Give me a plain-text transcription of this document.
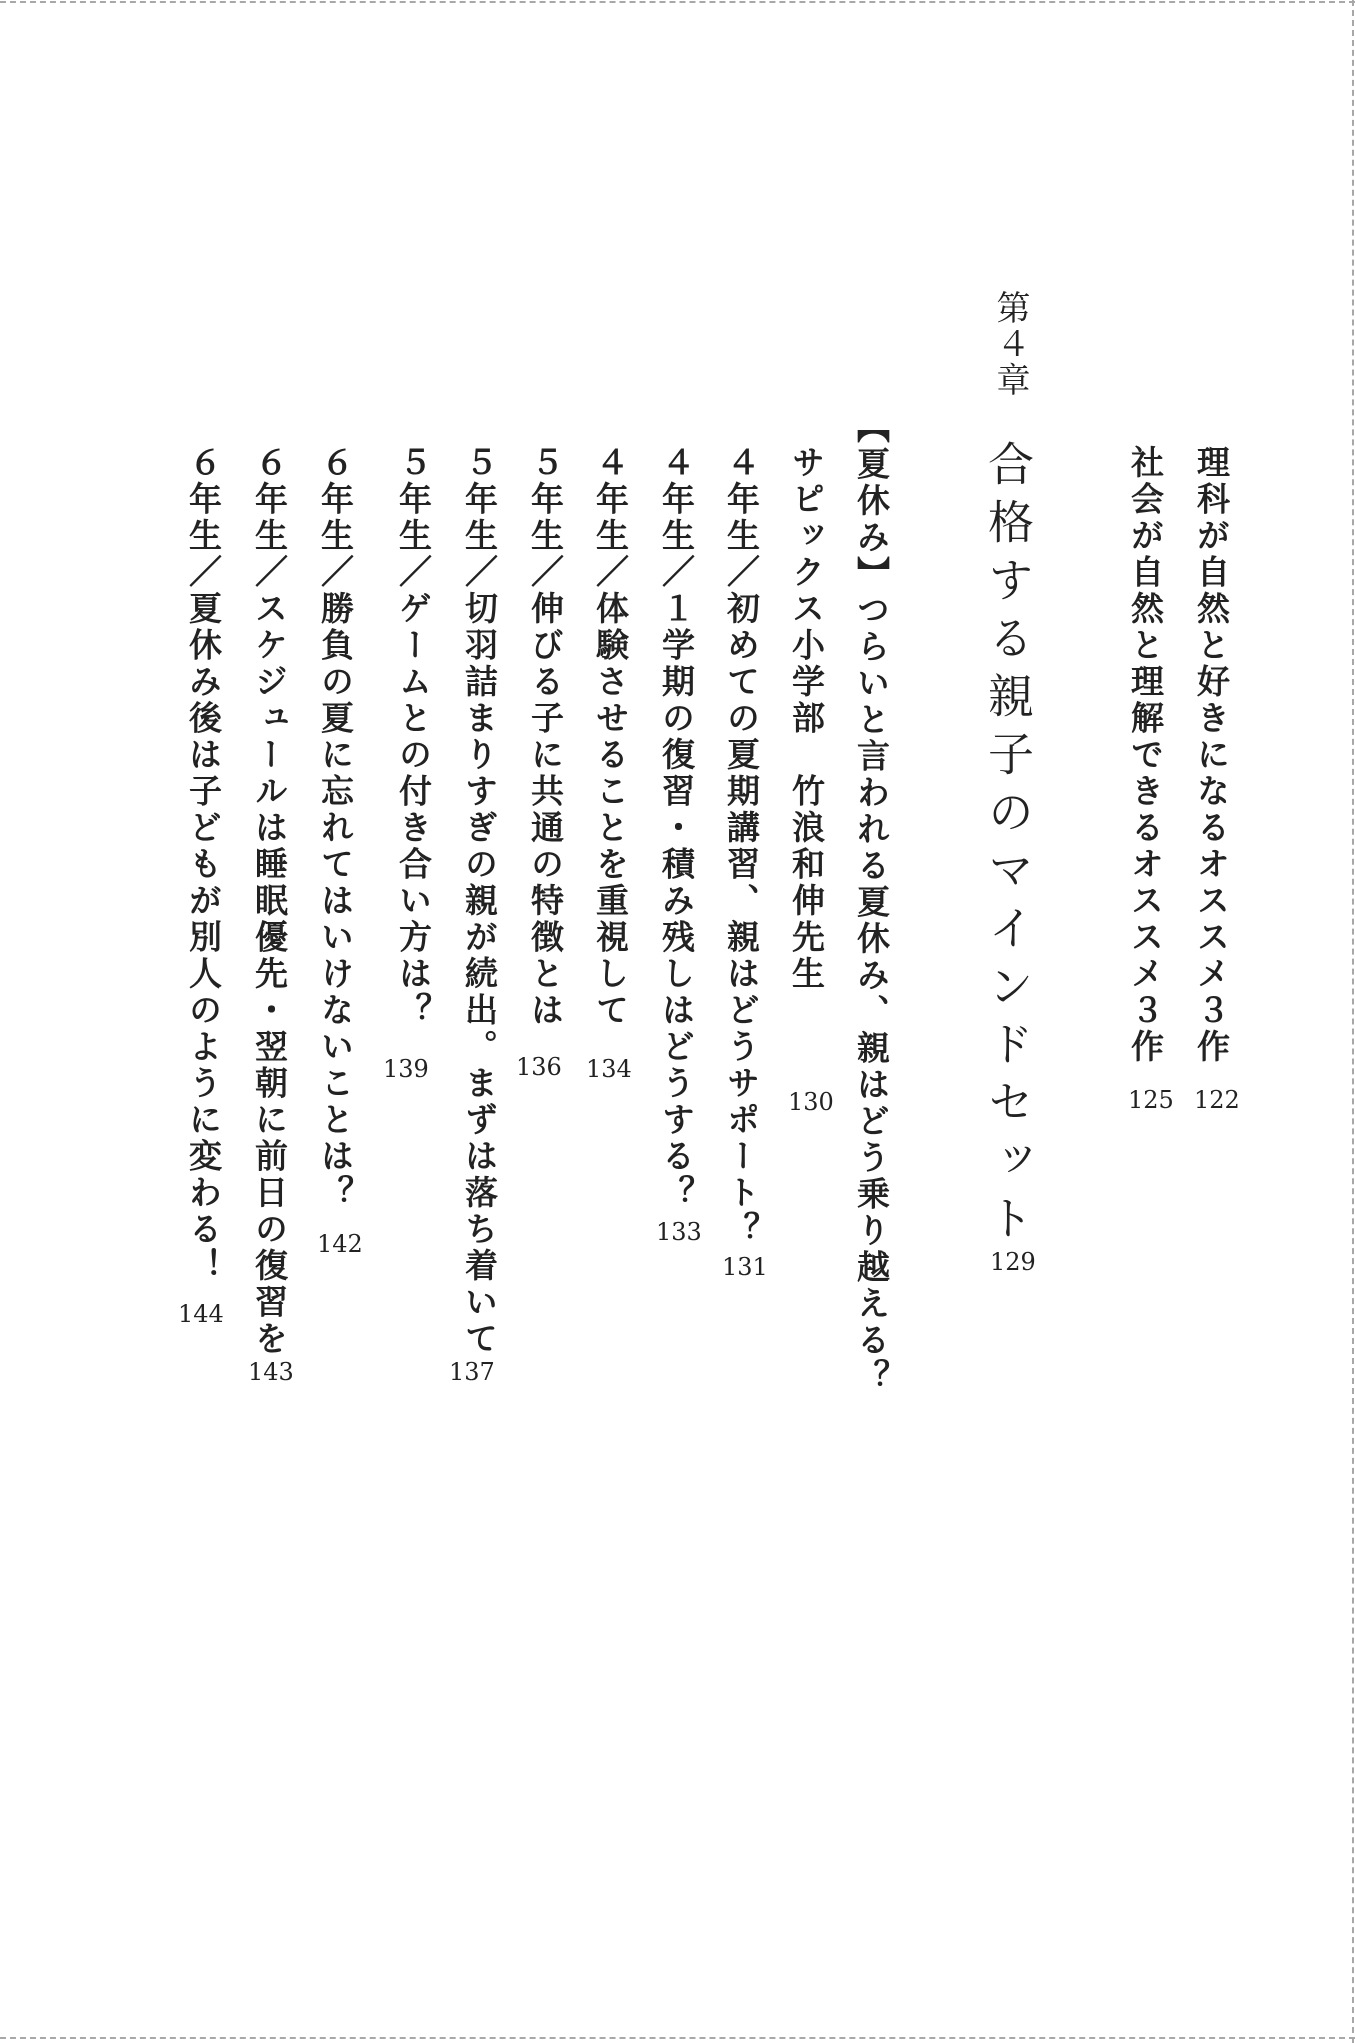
理科が自然と好きになるオススメ３作
122
社会が自然と理解できるオススメ３作
125
第４章
合格する親子のマインドセット
129
【夏休み】つらいと言われる夏休み、親はどう乗り越える？
サピックス小学部　竹浪和伸先生
130
４年生／初めての夏期講習、親はどうサポート？
131
４年生／１学期の復習・積み残しはどうする？
133
４年生／体験させることを重視して
134
５年生／伸びる子に共通の特徴とは
136
５年生／切羽詰まりすぎの親が続出。まずは落ち着いて
137
５年生／ゲームとの付き合い方は？
139
６年生／勝負の夏に忘れてはいけないことは？
142
６年生／スケジュールは睡眠優先・翌朝に前日の復習を
143
６年生／夏休み後は子どもが別人のように変わる！
144
